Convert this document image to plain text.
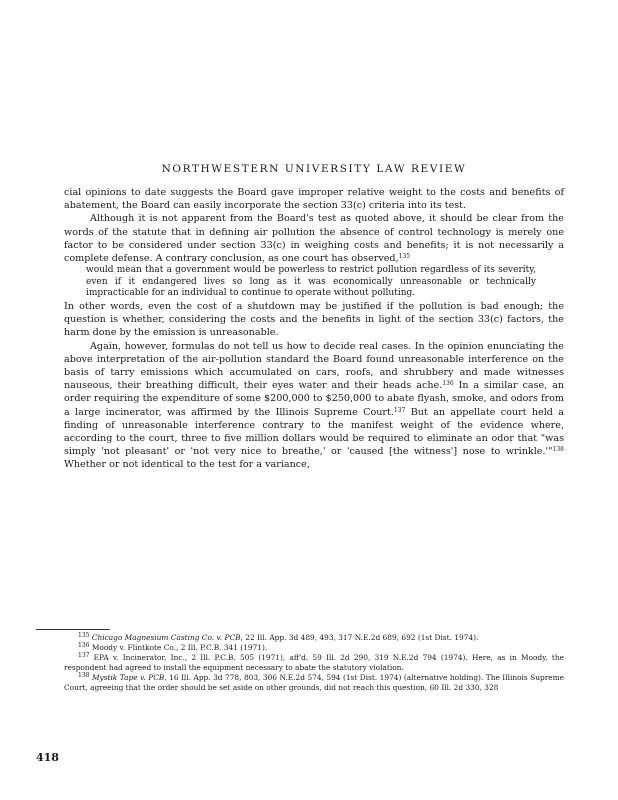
NORTHWESTERN UNIVERSITY LAW REVIEW

cial opinions to date suggests the Board gave improper relative weight to the costs and benefits of abatement, the Board can easily incorporate the section 33(c) criteria into its test.

Although it is not apparent from the Board's test as quoted above, it should be clear from the words of the statute that in defining air pollution the absence of control technology is merely one factor to be considered under section 33(c) in weighing costs and benefits; it is not necessarily a complete defense. A contrary conclusion, as one court has observed,$^{135}$

would mean that a government would be powerless to restrict pollution regardless of its severity, even if it endangered lives so long as it was economically unreasonable or technically impracticable for an individual to continue to operate without polluting.

In other words, even the cost of a shutdown may be justified if the pollution is bad enough; the question is whether, considering the costs and the benefits in light of the section 33(c) factors, the harm done by the emission is unreasonable.

Again, however, formulas do not tell us how to decide real cases. In the opinion enunciating the above interpretation of the air-pollution standard the Board found unreasonable interference on the basis of tarry emissions which accumulated on cars, roofs, and shrubbery and made witnesses nauseous, their breathing difficult, their eyes water and their heads ache.$^{136}$ In a similar case, an order requiring the expenditure of some $200,000 to $250,000 to abate flyash, smoke, and odors from a large incinerator, was affirmed by the Illinois Supreme Court.$^{137}$ But an appellate court held a finding of unreasonable interference contrary to the manifest weight of the evidence where, according to the court, three to five million dollars would be required to eliminate an odor that "was simply 'not pleasant' or 'not very nice to breathe,' or 'caused [the witness'] nose to wrinkle.'"$^{138}$ Whether or not identical to the test for a variance,

$^{135}$ Chicago Magnesium Casting Co. v. PCB, 22 Ill. App. 3d 489, 493, 317 N.E.2d 689, 692 (1st Dist. 1974).

$^{136}$ Moody v. Flintkote Co., 2 Ill. P.C.B. 341 (1971).

$^{137}$ EPA v. Incinerator, Inc., 2 Ill. P.C.B. 505 (1971), aff'd, 59 Ill. 2d 290, 319 N.E.2d 794 (1974). Here, as in Moody, the respondent had agreed to install the equipment necessary to abate the statutory violation.

$^{138}$ Mystik Tape v. PCB, 16 Ill. App. 3d 778, 803, 306 N.E.2d 574, 594 (1st Dist. 1974) (alternative holding). The Illinois Supreme Court, agreeing that the order should be set aside on other grounds, did not reach this question, 60 Ill. 2d 330, 328

418
